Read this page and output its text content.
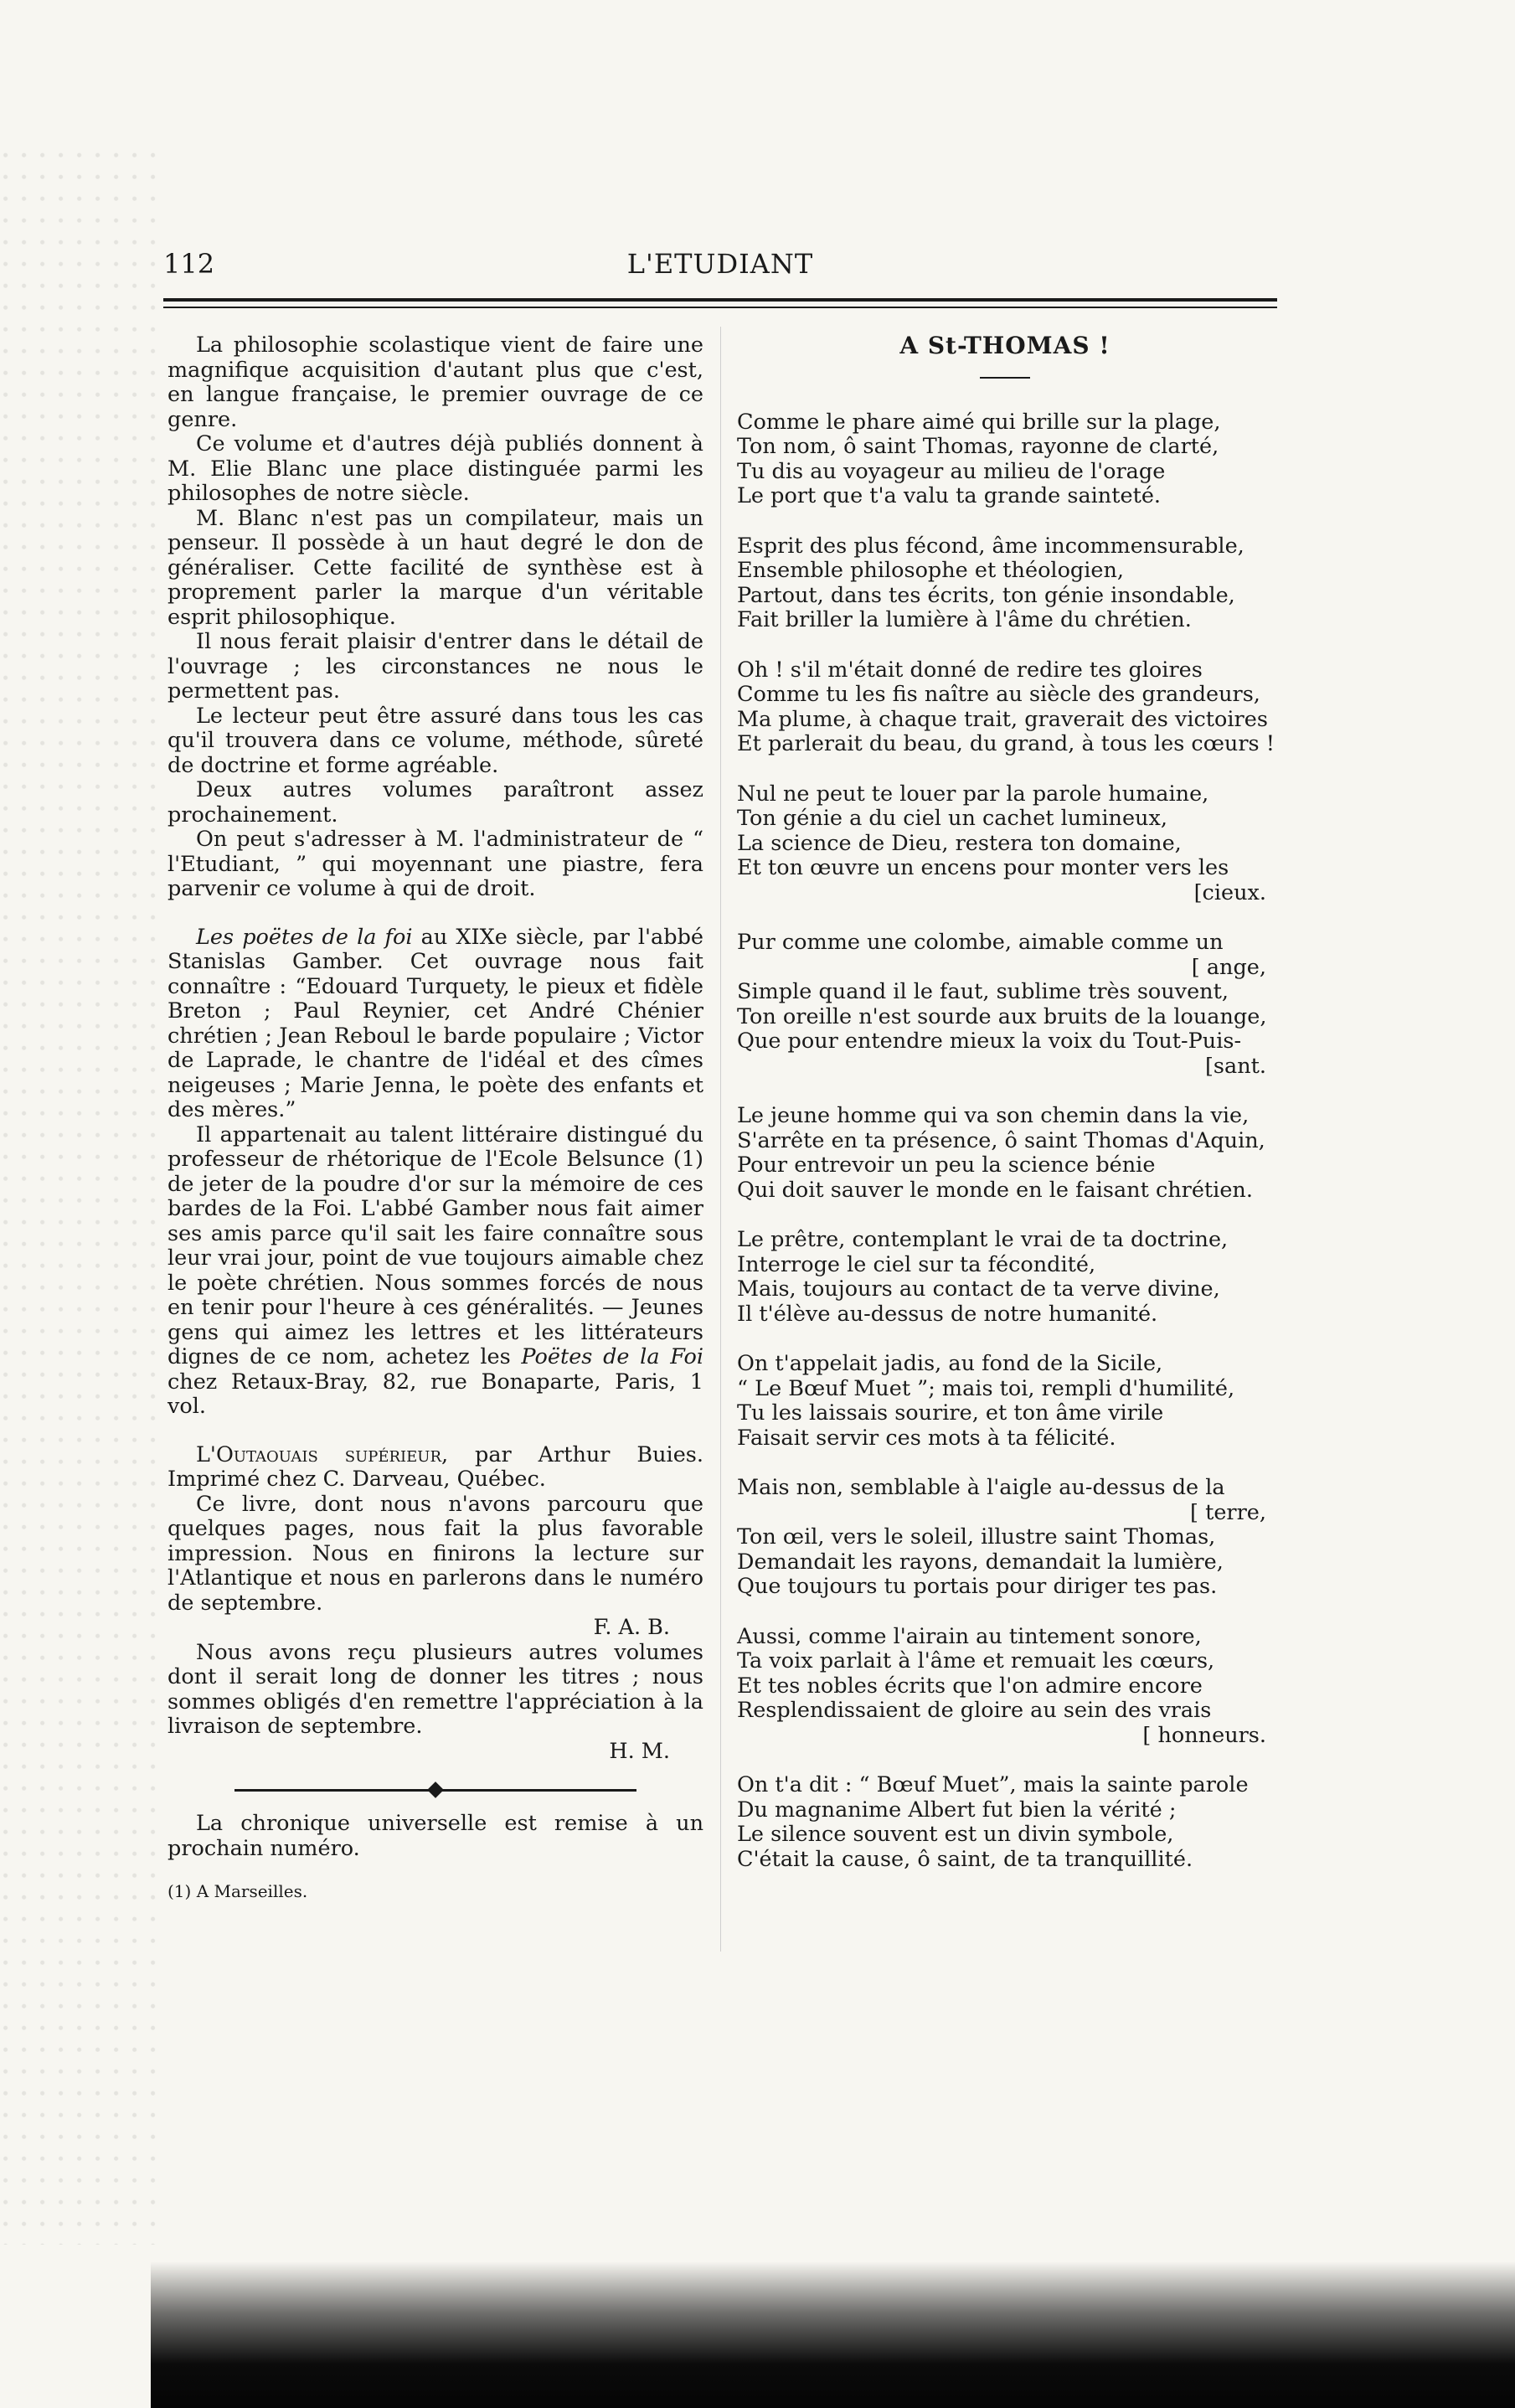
112	L'ETUDIANT

La philosophie scolastique vient de faire une magnifique acquisition d'autant plus que c'est, en langue française, le premier ouvrage de ce genre.

Ce volume et d'autres déjà publiés donnent à M. Elie Blanc une place distinguée parmi les philosophes de notre siècle.

M. Blanc n'est pas un compilateur, mais un penseur. Il possède à un haut degré le don de généraliser. Cette facilité de synthèse est à proprement parler la marque d'un véritable esprit philosophique.

Il nous ferait plaisir d'entrer dans le détail de l'ouvrage ; les circonstances ne nous le permettent pas.

Le lecteur peut être assuré dans tous les cas qu'il trouvera dans ce volume, méthode, sûreté de doctrine et forme agréable.

Deux autres volumes paraîtront assez prochainement.

On peut s'adresser à M. l'administrateur de “ l'Etudiant, ” qui moyennant une piastre, fera parvenir ce volume à qui de droit.

Les poëtes de la foi au XIXe siècle, par l'abbé Stanislas Gamber. Cet ouvrage nous fait connaître : “Edouard Turquety, le pieux et fidèle Breton ; Paul Reynier, cet André Chénier chrétien ; Jean Reboul le barde populaire ; Victor de Laprade, le chantre de l'idéal et des cîmes neigeuses ; Marie Jenna, le poète des enfants et des mères.”

Il appartenait au talent littéraire distingué du professeur de rhétorique de l'Ecole Belsunce (1) de jeter de la poudre d'or sur la mémoire de ces bardes de la Foi. L'abbé Gamber nous fait aimer ses amis parce qu'il sait les faire connaître sous leur vrai jour, point de vue toujours aimable chez le poète chrétien. Nous sommes forcés de nous en tenir pour l'heure à ces généralités. — Jeunes gens qui aimez les lettres et les littérateurs dignes de ce nom, achetez les Poëtes de la Foi chez Retaux-Bray, 82, rue Bonaparte, Paris, 1 vol.

L'Outaouais supérieur, par Arthur Buies. Imprimé chez C. Darveau, Québec.

Ce livre, dont nous n'avons parcouru que quelques pages, nous fait la plus favorable impression. Nous en finirons la lecture sur l'Atlantique et nous en parlerons dans le numéro de septembre.

F. A. B.

Nous avons reçu plusieurs autres volumes dont il serait long de donner les titres ; nous sommes obligés d'en remettre l'appréciation à la livraison de septembre.

H. M.

La chronique universelle est remise à un prochain numéro.

(1) A Marseilles.

A St-THOMAS !
Comme le phare aimé qui brille sur la plage,
Ton nom, ô saint Thomas, rayonne de clarté,
Tu dis au voyageur au milieu de l'orage
Le port que t'a valu ta grande sainteté.
Esprit des plus fécond, âme incommensurable,
Ensemble philosophe et théologien,
Partout, dans tes écrits, ton génie insondable,
Fait briller la lumière à l'âme du chrétien.
Oh ! s'il m'était donné de redire tes gloires
Comme tu les fis naître au siècle des grandeurs,
Ma plume, à chaque trait, graverait des victoires
Et parlerait du beau, du grand, à tous les cœurs !
Nul ne peut te louer par la parole humaine,
Ton génie a du ciel un cachet lumineux,
La science de Dieu, restera ton domaine,
Et ton œuvre un encens pour monter vers les
[cieux.
Pur comme une colombe, aimable comme un
[ ange,
Simple quand il le faut, sublime très souvent,
Ton oreille n'est sourde aux bruits de la louange,
Que pour entendre mieux la voix du Tout-Puis-
[sant.
Le jeune homme qui va son chemin dans la vie,
S'arrête en ta présence, ô saint Thomas d'Aquin,
Pour entrevoir un peu la science bénie
Qui doit sauver le monde en le faisant chrétien.
Le prêtre, contemplant le vrai de ta doctrine,
Interroge le ciel sur ta fécondité,
Mais, toujours au contact de ta verve divine,
Il t'élève au-dessus de notre humanité.
On t'appelait jadis, au fond de la Sicile,
“ Le Bœuf Muet ”; mais toi, rempli d'humilité,
Tu les laissais sourire, et ton âme virile
Faisait servir ces mots à ta félicité.
Mais non, semblable à l'aigle au-dessus de la
[ terre,
Ton œil, vers le soleil, illustre saint Thomas,
Demandait les rayons, demandait la lumière,
Que toujours tu portais pour diriger tes pas.
Aussi, comme l'airain au tintement sonore,
Ta voix parlait à l'âme et remuait les cœurs,
Et tes nobles écrits que l'on admire encore
Resplendissaient de gloire au sein des vrais
[ honneurs.
On t'a dit : “ Bœuf Muet”, mais la sainte parole
Du magnanime Albert fut bien la vérité ;
Le silence souvent est un divin symbole,
C'était la cause, ô saint, de ta tranquillité.
